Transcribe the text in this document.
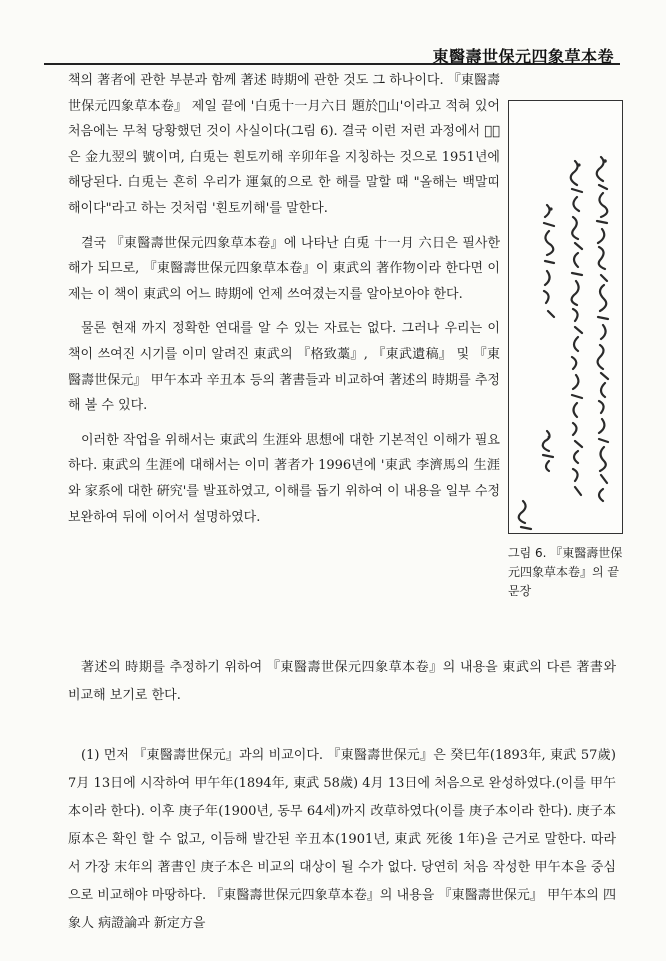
東醫壽世保元四象草本卷

책의 著者에 관한 부분과 함께 著述 時期에 관한 것도 그 하나이다. 『東醫壽世保元四象草本卷』 제일 끝에 '白兎十一月六日 題於𡻍山'이라고 적혀 있어 처음에는 무척 당황했던 것이 사실이다(그림 6). 결국 이런 저런 과정에서 𡻍山은 金九翌의 號이며, 白兎는 흰토끼해 辛卯年을 지칭하는 것으로 1951년에 해당된다. 白兎는 흔히 우리가 運氣的으로 한 해를 말할 때 "올해는 백말띠 해이다"라고 하는 것처럼 '흰토끼해'를 말한다.

결국 『東醫壽世保元四象草本卷』에 나타난 白兎 十一月 六日은 필사한 해가 되므로, 『東醫壽世保元四象草本卷』이 東武의 著作物이라 한다면 이제는 이 책이 東武의 어느 時期에 언제 쓰여졌는지를 알아보아야 한다.

물론 현재 까지 정확한 연대를 알 수 있는 자료는 없다. 그러나 우리는 이 책이 쓰여진 시기를 이미 알려진 東武의 『格致藁』, 『東武遺稿』 및 『東醫壽世保元』 甲午本과 辛丑本 등의 著書들과 비교하여 著述의 時期를 추정해 볼 수 있다.

이러한 작업을 위해서는 東武의 生涯와 思想에 대한 기본적인 이해가 필요하다. 東武의 生涯에 대해서는 이미 著者가 1996년에 '東武 李濟馬의 生涯와 家系에 대한 硏究'를 발표하였고, 이해를 돕기 위하여 이 내용을 일부 수정 보완하여 뒤에 이어서 설명하였다.

그림 6. 『東醫壽世保元四象草本卷』의 끝 문장

著述의 時期를 추정하기 위하여 『東醫壽世保元四象草本卷』의 내용을 東武의 다른 著書와 비교해 보기로 한다.

(1) 먼저 『東醫壽世保元』과의 비교이다. 『東醫壽世保元』은 癸巳年(1893年, 東武 57歲) 7月 13日에 시작하여 甲午年(1894年, 東武 58歲) 4月 13日에 처음으로 완성하였다.(이를 甲午本이라 한다). 이후 庚子年(1900년, 동무 64세)까지 改草하였다(이를 庚子本이라 한다). 庚子本 原本은 확인 할 수 없고, 이듬해 발간된 辛丑本(1901년, 東武 死後 1年)을 근거로 말한다. 따라서 가장 末年의 著書인 庚子本은 비교의 대상이 될 수가 없다. 당연히 처음 작성한 甲午本을 중심으로 비교해야 마땅하다. 『東醫壽世保元四象草本卷』의 내용을 『東醫壽世保元』 甲午本의 四象人 病證論과 新定方을
